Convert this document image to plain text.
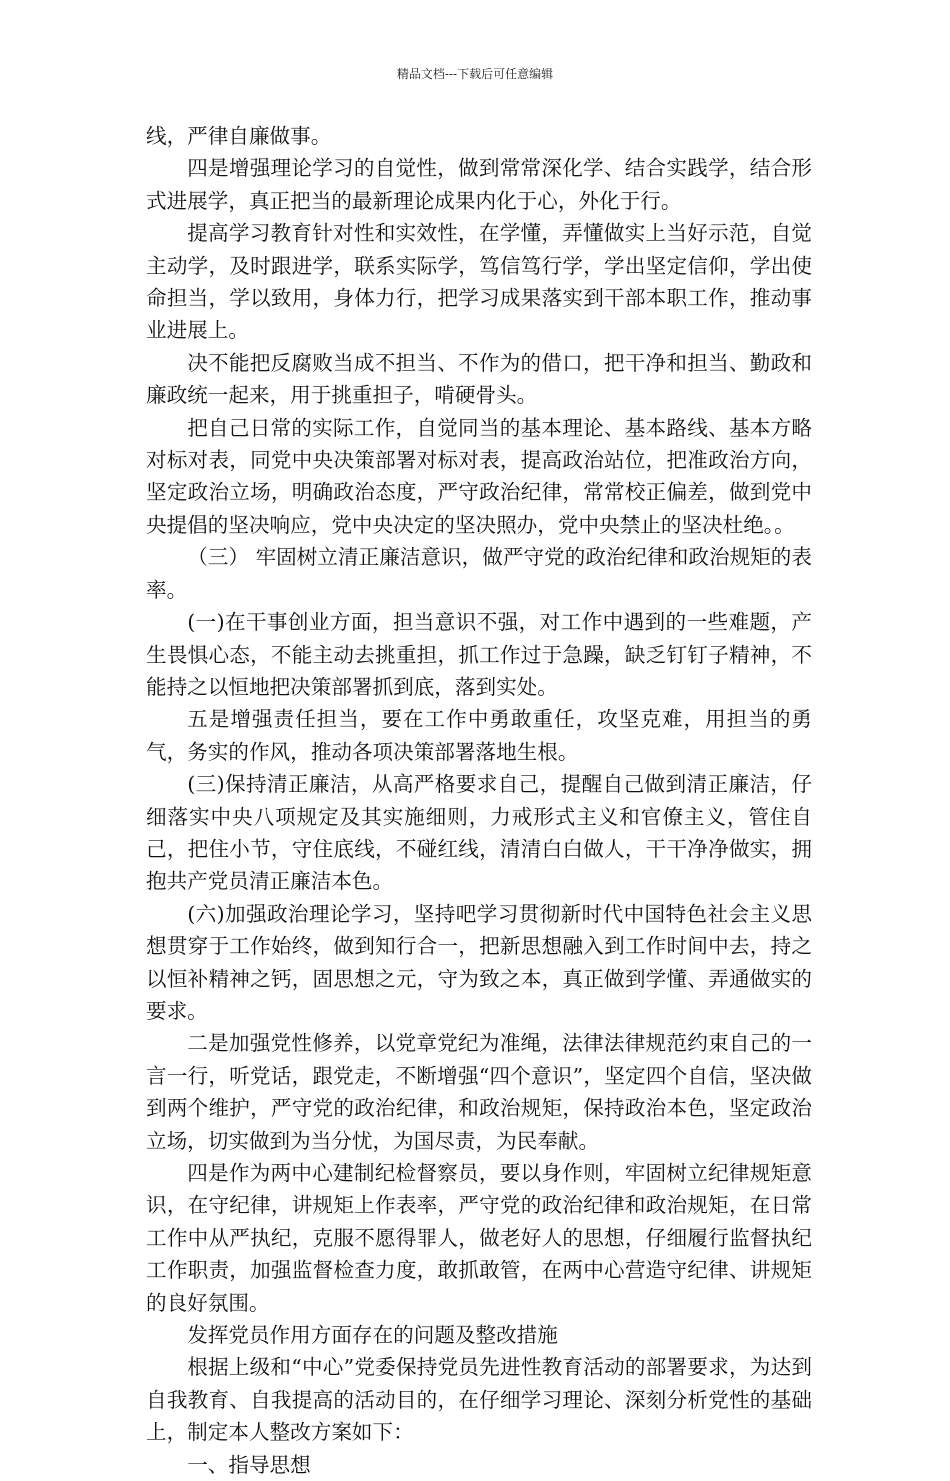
精品文档---下载后可任意编辑

线，严律自廉做事。

四是增强理论学习的自觉性，做到常常深化学、结合实践学，结合形式进展学，真正把当的最新理论成果内化于心，外化于行。

提高学习教育针对性和实效性，在学懂，弄懂做实上当好示范，自觉主动学，及时跟进学，联系实际学，笃信笃行学，学出坚定信仰，学出使命担当，学以致用，身体力行，把学习成果落实到干部本职工作，推动事业进展上。

决不能把反腐败当成不担当、不作为的借口，把干净和担当、勤政和廉政统一起来，用于挑重担子，啃硬骨头。

把自己日常的实际工作，自觉同当的基本理论、基本路线、基本方略对标对表，同党中央决策部署对标对表，提高政治站位，把准政治方向，坚定政治立场，明确政治态度，严守政治纪律，常常校正偏差，做到党中央提倡的坚决响应，党中央决定的坚决照办，党中央禁止的坚决杜绝。。

（三） 牢固树立清正廉洁意识，做严守党的政治纪律和政治规矩的表率。

(一)在干事创业方面，担当意识不强，对工作中遇到的一些难题，产生畏惧心态，不能主动去挑重担，抓工作过于急躁，缺乏钉钉子精神，不能持之以恒地把决策部署抓到底，落到实处。

五是增强责任担当，要在工作中勇敢重任，攻坚克难，用担当的勇气，务实的作风，推动各项决策部署落地生根。

(三)保持清正廉洁，从高严格要求自己，提醒自己做到清正廉洁，仔细落实中央八项规定及其实施细则，力戒形式主义和官僚主义，管住自己，把住小节，守住底线，不碰红线，清清白白做人，干干净净做实，拥抱共产党员清正廉洁本色。

(六)加强政治理论学习，坚持吧学习贯彻新时代中国特色社会主义思想贯穿于工作始终，做到知行合一，把新思想融入到工作时间中去，持之以恒补精神之钙，固思想之元，守为致之本，真正做到学懂、弄通做实的要求。

二是加强党性修养，以党章党纪为准绳，法律法律规范约束自己的一言一行，听党话，跟党走，不断增强“四个意识”，坚定四个自信，坚决做到两个维护，严守党的政治纪律，和政治规矩，保持政治本色，坚定政治立场，切实做到为当分忧，为国尽责，为民奉献。

四是作为两中心建制纪检督察员，要以身作则，牢固树立纪律规矩意识，在守纪律，讲规矩上作表率，严守党的政治纪律和政治规矩，在日常工作中从严执纪，克服不愿得罪人，做老好人的思想，仔细履行监督执纪工作职责，加强监督检查力度，敢抓敢管，在两中心营造守纪律、讲规矩的良好氛围。

发挥党员作用方面存在的问题及整改措施

根据上级和“中心”党委保持党员先进性教育活动的部署要求，为达到自我教育、自我提高的活动目的，在仔细学习理论、深刻分析党性的基础上，制定本人整改方案如下：

一、指导思想
